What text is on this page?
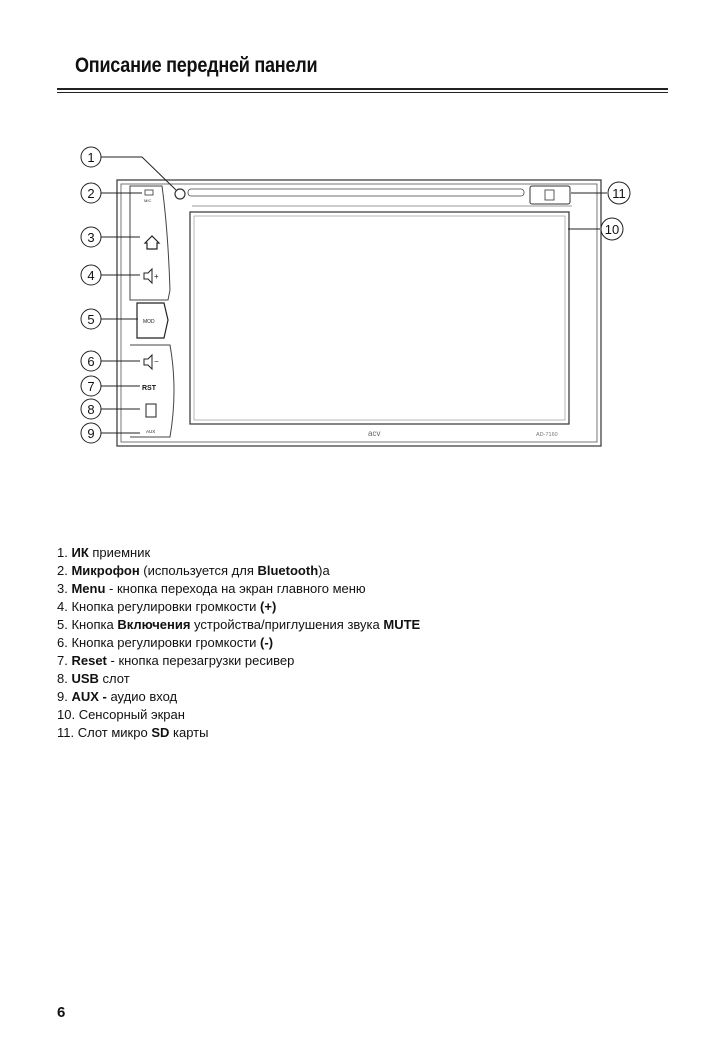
Описание передней панели
MIC
+
MOD
−
RST
AUX	acv	AD-7160
1
2
3
4
5
6
7
8
9
10
11
1. ИК приемник
2. Микрофон (используется для Bluetooth)а
3. Menu - кнопка перехода на экран главного меню
4. Кнопка регулировки громкости (+)
5. Кнопка Включения устройства/приглушения звука MUTE
6. Кнопка регулировки громкости (-)
7. Reset - кнопка перезагрузки ресивер
8. USB слот
9. AUX - аудио вход
10. Сенсорный экран
11. Слот микро SD карты
6
